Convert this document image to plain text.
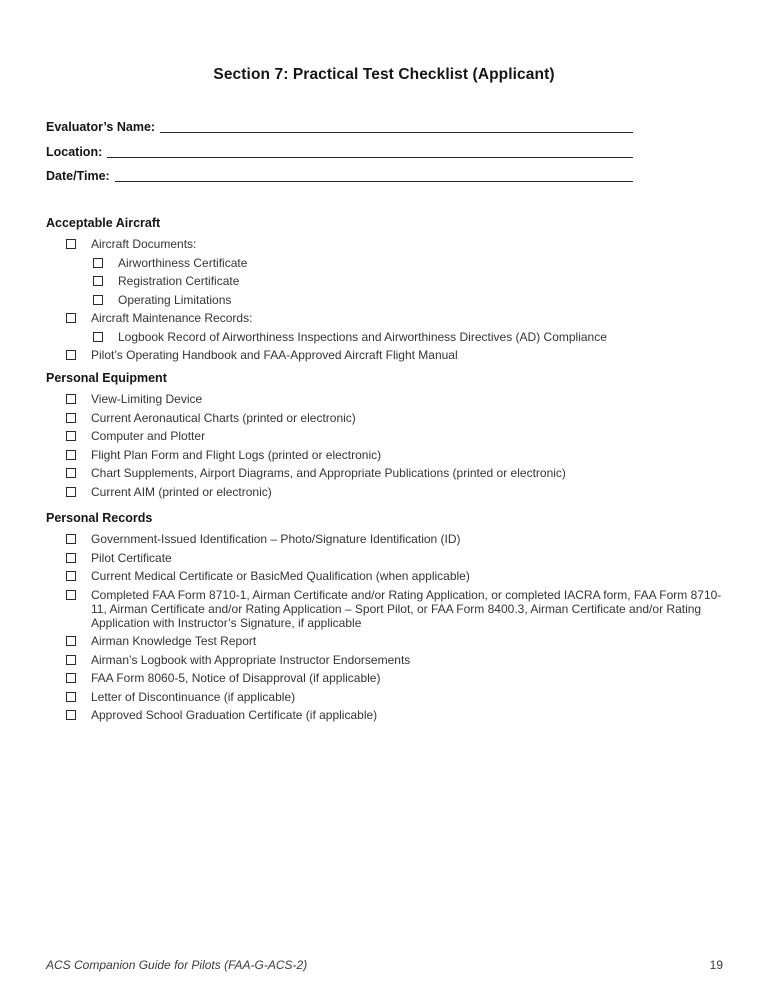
Section 7: Practical Test Checklist (Applicant)
Evaluator’s Name:
Location:
Date/Time:
Acceptable Aircraft
Aircraft Documents:
Airworthiness Certificate
Registration Certificate
Operating Limitations
Aircraft Maintenance Records:
Logbook Record of Airworthiness Inspections and Airworthiness Directives (AD) Compliance
Pilot’s Operating Handbook and FAA-Approved Aircraft Flight Manual
Personal Equipment
View-Limiting Device
Current Aeronautical Charts (printed or electronic)
Computer and Plotter
Flight Plan Form and Flight Logs (printed or electronic)
Chart Supplements, Airport Diagrams, and Appropriate Publications (printed or electronic)
Current AIM (printed or electronic)
Personal Records
Government-Issued Identification – Photo/Signature Identification (ID)
Pilot Certificate
Current Medical Certificate or BasicMed Qualification (when applicable)
Completed FAA Form 8710-1, Airman Certificate and/or Rating Application, or completed IACRA form, FAA Form 8710-11, Airman Certificate and/or Rating Application – Sport Pilot, or FAA Form 8400.3, Airman Certificate and/or Rating Application with Instructor’s Signature, if applicable
Airman Knowledge Test Report
Airman’s Logbook with Appropriate Instructor Endorsements
FAA Form 8060-5, Notice of Disapproval (if applicable)
Letter of Discontinuance (if applicable)
Approved School Graduation Certificate (if applicable)
ACS Companion Guide for Pilots (FAA-G-ACS-2)	19
